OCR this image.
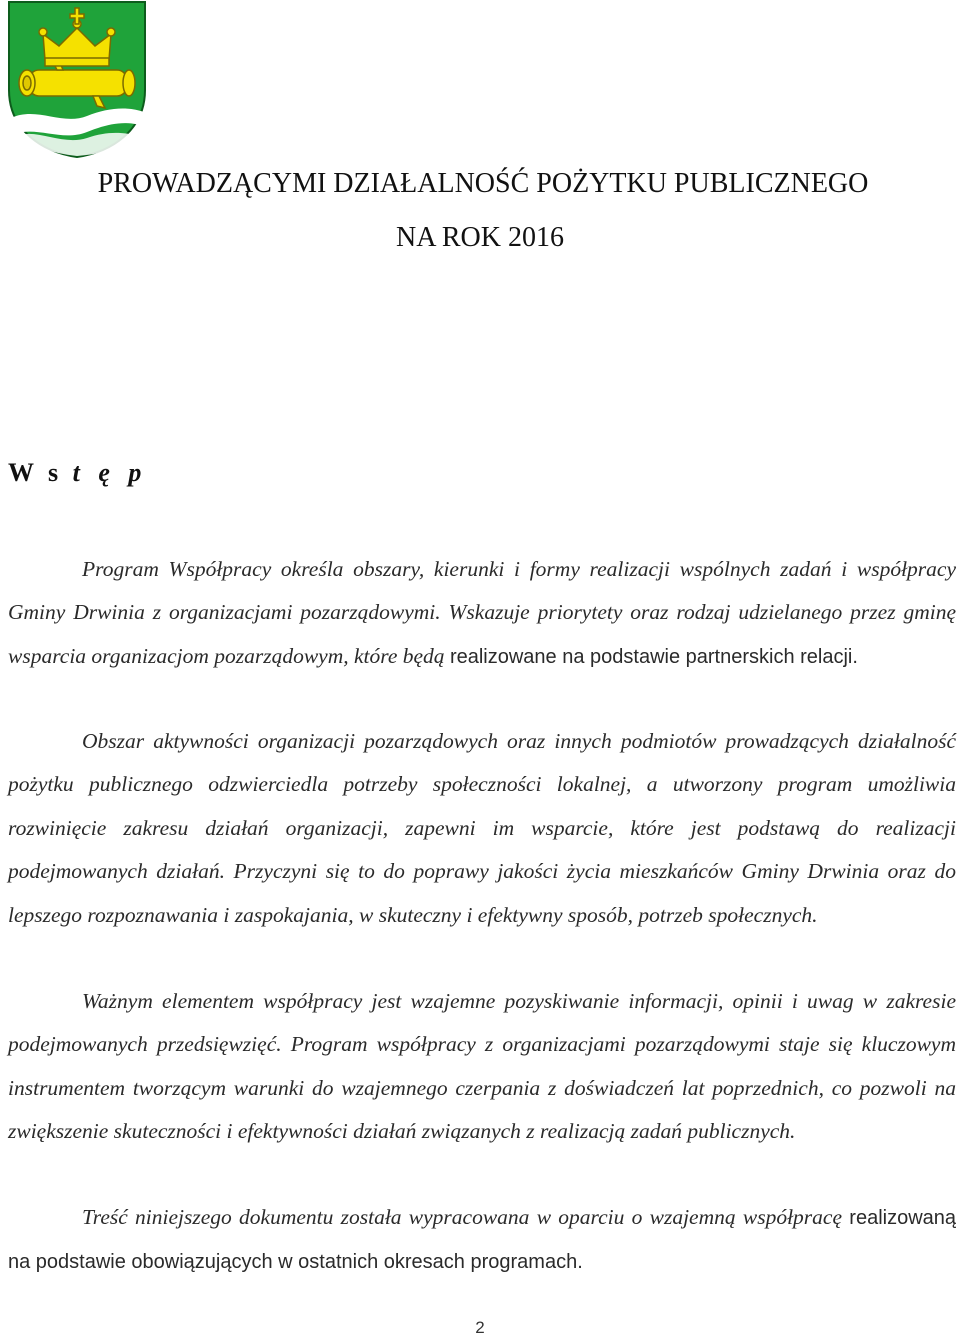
PROWADZĄCYMI DZIAŁALNOŚĆ POŻYTKU PUBLICZNEGO
NA ROK 2016
W s t ę p

Program Współpracy określa obszary, kierunki i formy realizacji wspólnych zadań i współpracy Gminy Drwinia z organizacjami pozarządowymi. Wskazuje priorytety oraz rodzaj udzielanego przez gminę wsparcia organizacjom pozarządowym, które będą realizowane na podstawie partnerskich relacji.

Obszar aktywności organizacji pozarządowych oraz innych podmiotów prowadzących działalność pożytku publicznego odzwierciedla potrzeby społeczności lokalnej, a utworzony program umożliwia rozwinięcie zakresu działań organizacji, zapewni im wsparcie, które jest podstawą do realizacji podejmowanych działań. Przyczyni się to do poprawy jakości życia mieszkańców Gminy Drwinia oraz do lepszego rozpoznawania i zaspokajania, w skuteczny i efektywny sposób, potrzeb społecznych.

Ważnym elementem współpracy jest wzajemne pozyskiwanie informacji, opinii i uwag w zakresie podejmowanych przedsięwzięć. Program współpracy z organizacjami pozarządowymi staje się kluczowym instrumentem tworzącym warunki do wzajemnego czerpania z doświadczeń lat poprzednich, co pozwoli na zwiększenie skuteczności i efektywności działań związanych z realizacją zadań publicznych.

Treść niniejszego dokumentu została wypracowana w oparciu o wzajemną współpracę realizowaną na podstawie obowiązujących w ostatnich okresach programach.

2
